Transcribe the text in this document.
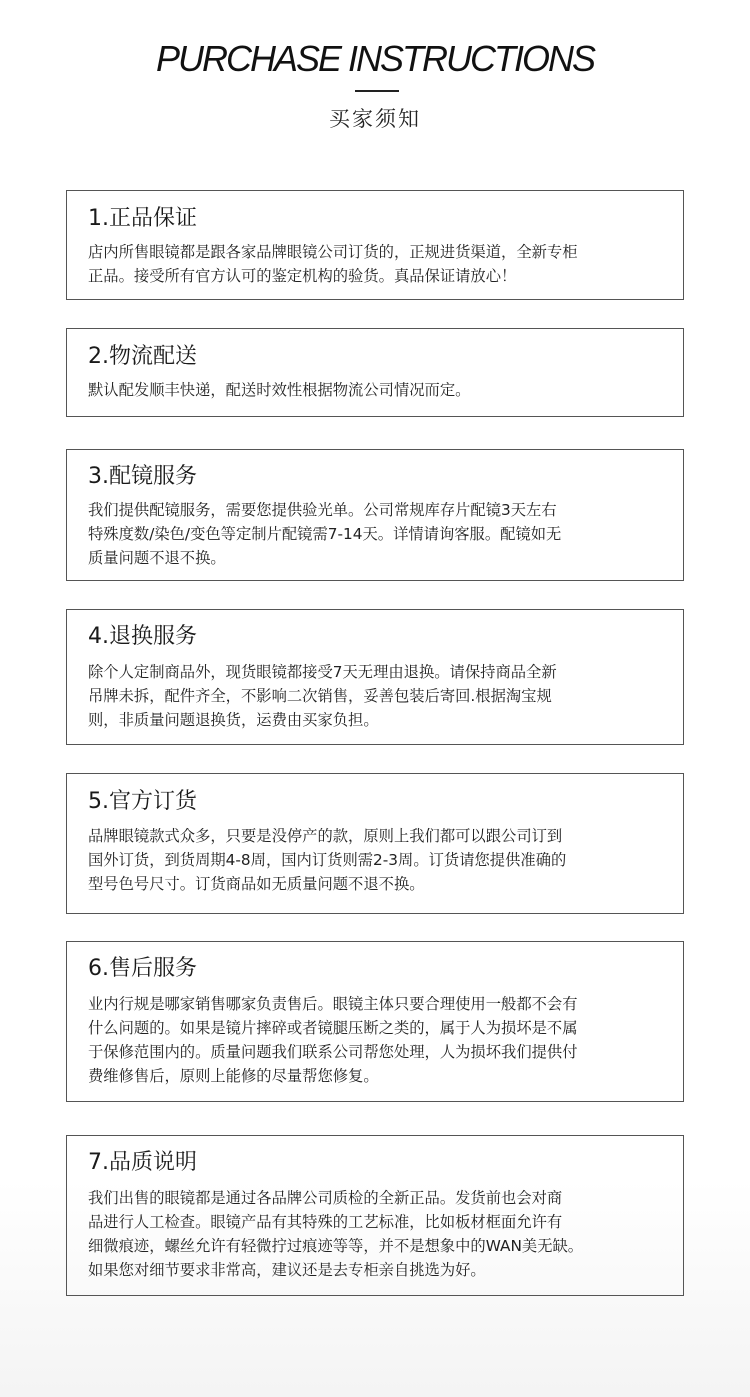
PURCHASE INSTRUCTIONS
买家须知
1.正品保证
店内所售眼镜都是跟各家品牌眼镜公司订货的，正规进货渠道，全新专柜
正品。接受所有官方认可的鉴定机构的验货。真品保证请放心！
2.物流配送
默认配发顺丰快递，配送时效性根据物流公司情况而定。
3.配镜服务
我们提供配镜服务，需要您提供验光单。公司常规库存片配镜3天左右
特殊度数/染色/变色等定制片配镜需7-14天。详情请询客服。配镜如无
质量问题不退不换。
4.退换服务
除个人定制商品外，现货眼镜都接受7天无理由退换。请保持商品全新
吊牌未拆，配件齐全，不影响二次销售，妥善包装后寄回.根据淘宝规
则，非质量问题退换货，运费由买家负担。
5.官方订货
品牌眼镜款式众多，只要是没停产的款，原则上我们都可以跟公司订到
国外订货，到货周期4-8周，国内订货则需2-3周。订货请您提供准确的
型号色号尺寸。订货商品如无质量问题不退不换。
6.售后服务
业内行规是哪家销售哪家负责售后。眼镜主体只要合理使用一般都不会有
什么问题的。如果是镜片摔碎或者镜腿压断之类的，属于人为损坏是不属
于保修范围内的。质量问题我们联系公司帮您处理，人为损坏我们提供付
费维修售后，原则上能修的尽量帮您修复。
7.品质说明
我们出售的眼镜都是通过各品牌公司质检的全新正品。发货前也会对商
品进行人工检查。眼镜产品有其特殊的工艺标准，比如板材框面允许有
细微痕迹，螺丝允许有轻微拧过痕迹等等，并不是想象中的WAN美无缺。
如果您对细节要求非常高，建议还是去专柜亲自挑选为好。
